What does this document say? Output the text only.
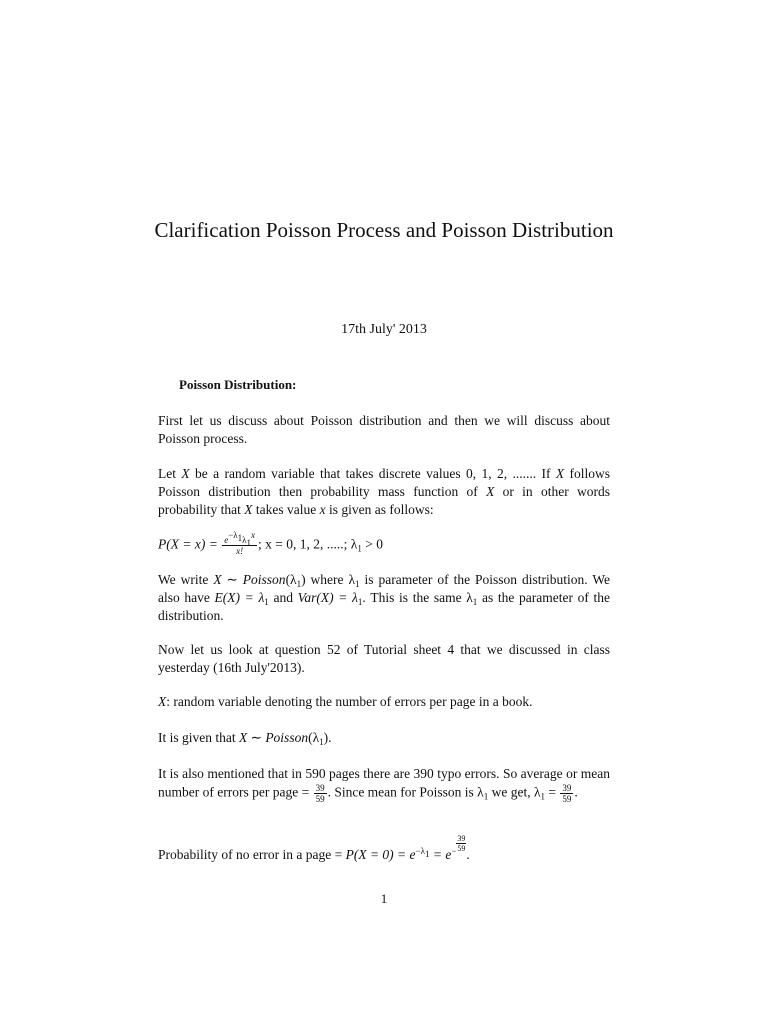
Clarification Poisson Process and Poisson Distribution
17th July' 2013
Poisson Distribution:
First let us discuss about Poisson distribution and then we will discuss about Poisson process.
Let X be a random variable that takes discrete values 0, 1, 2, ....... If X follows Poisson distribution then probability mass function of X or in other words probability that X takes value x is given as follows:
$P(X = x) = \frac{e^{-\lambda_1}\lambda_1^x}{x!}$ ; x = 0, 1, 2, .....; $\lambda_1 > 0$
We write X ∼ $Poisson(\lambda_1)$ where $\lambda_1$ is parameter of the Poisson distribution. We also have $E(X) = \lambda_1$ and $Var(X) = \lambda_1$. This is the same $\lambda_1$ as the parameter of the distribution.
Now let us look at question 52 of Tutorial sheet 4 that we discussed in class yesterday (16th July'2013).
X: random variable denoting the number of errors per page in a book.
It is given that X ∼ $Poisson(\lambda_1)$.
It is also mentioned that in 590 pages there are 390 typo errors. So average or mean number of errors per page = $\frac{39}{59}$ . Since mean for Poisson is $\lambda_1$ we get, $\lambda_1 = \frac{39}{59}$ .
Probability of no error in a page = $P(X = 0) = e^{-\lambda_1} = e^- \frac{39}{59}$
.
1
